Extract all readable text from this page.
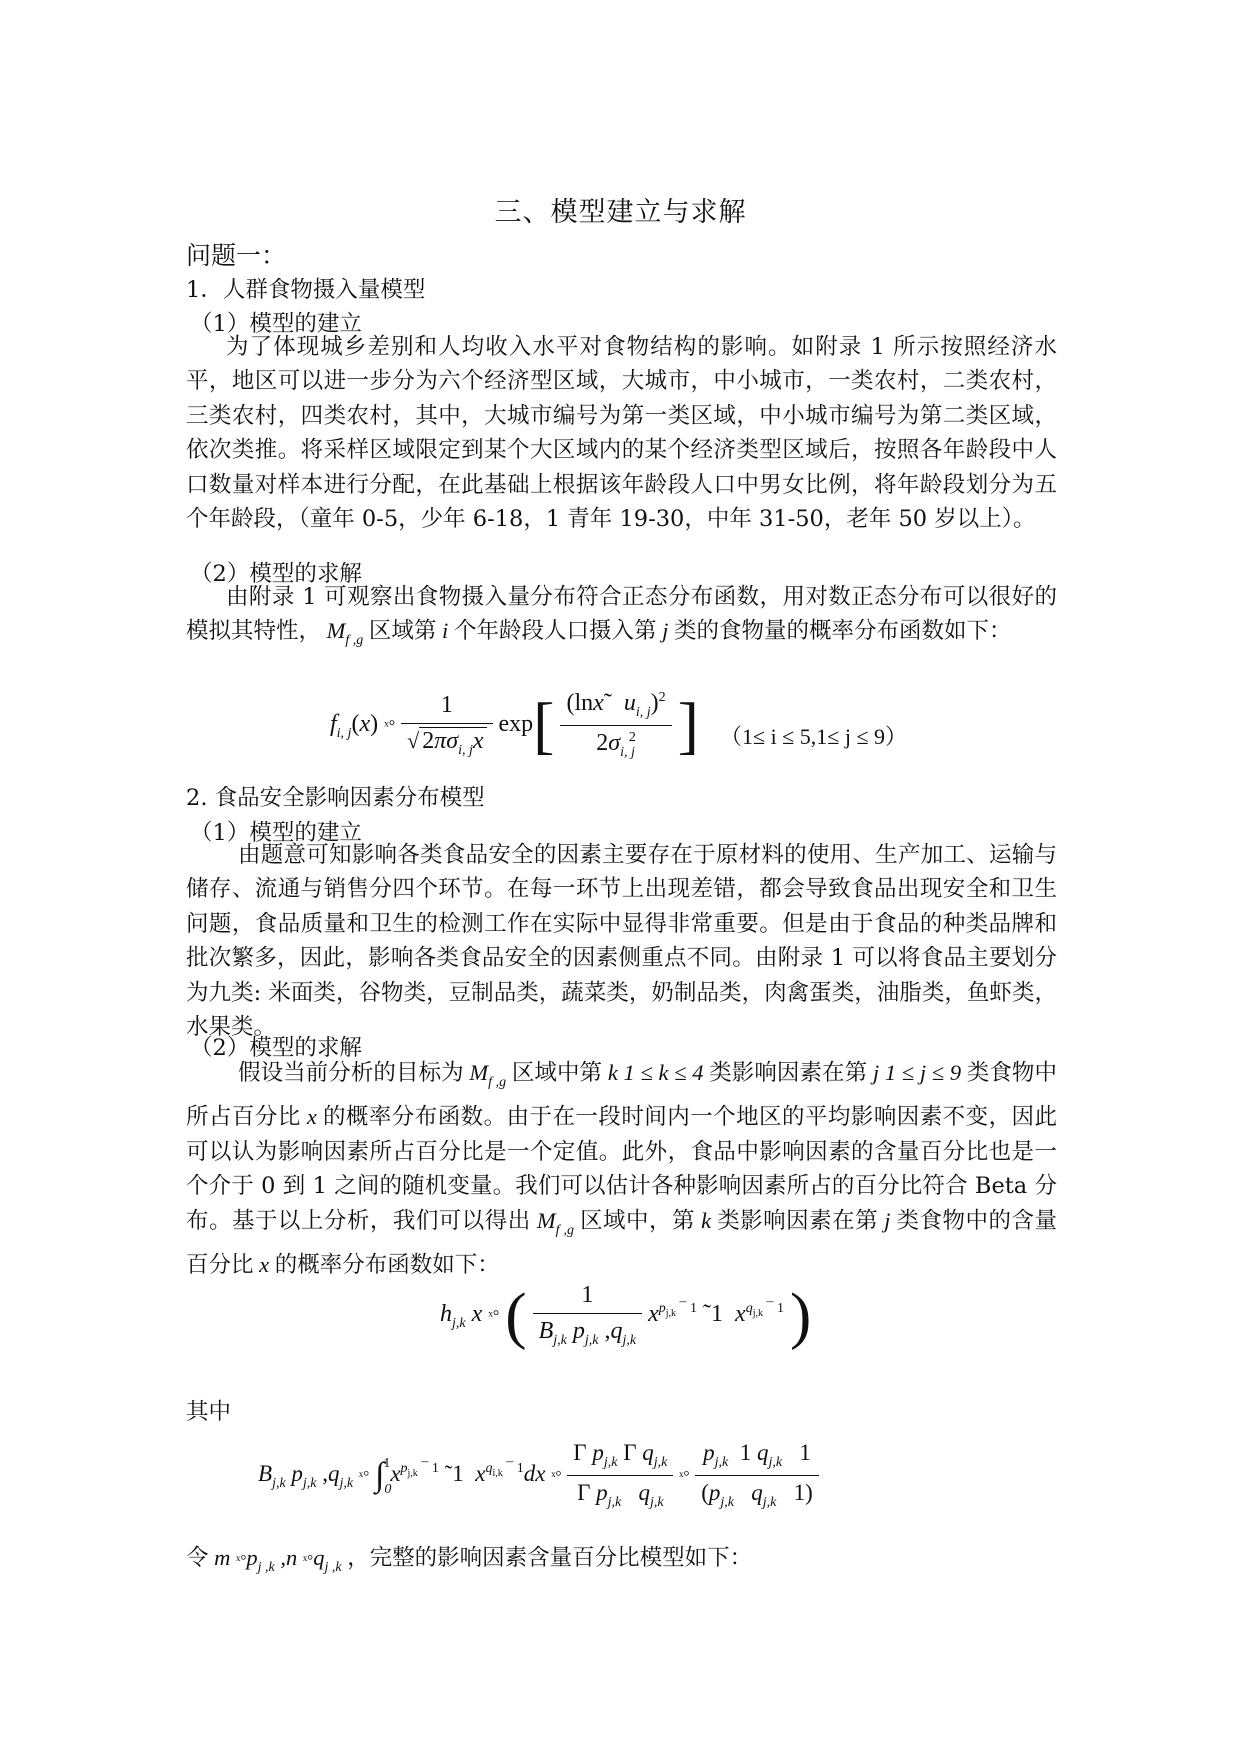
三、模型建立与求解
问题一：
1．人群食物摄入量模型
（1）模型的建立

为了体现城乡差别和人均收入水平对食物结构的影响。如附录 1 所示按照经济水平，地区可以进一步分为六个经济型区域，大城市，中小城市，一类农村，二类农村，三类农村，四类农村，其中，大城市编号为第一类区域，中小城市编号为第二类区域，依次类推。将采样区域限定到某个大区域内的某个经济类型区域后，按照各年龄段中人口数量对样本进行分配，在此基础上根据该年龄段人口中男女比例，将年龄段划分为五个年龄段，（童年 0-5，少年 6-18，1 青年 19-30，中年 31-50，老年 50 岁以上）。

（2）模型的求解

由附录 1 可观察出食物摄入量分布符合正态分布函数，用对数正态分布可以很好的模拟其特性， $M_{f ,g}$ 区域第 i 个年龄段人口摄入第 j 类的食物量的概率分布函数如下：

$f_{i, j}(x)$ ˣ° $\frac{1}{√ 2\pi\sigma_{i, j}x} \exp[ \frac{(\ln x˜ u_{i, j})^2}{2\sigma_{i, j}^2}$ ] （1≤ i ≤ 5,1≤ j ≤ 9）
2. 食品安全影响因素分布模型
（1）模型的建立

由题意可知影响各类食品安全的因素主要存在于原材料的使用、生产加工、运输与储存、流通与销售分四个环节。在每一环节上出现差错，都会导致食品出现安全和卫生问题，食品质量和卫生的检测工作在实际中显得非常重要。但是由于食品的种类品牌和批次繁多，因此，影响各类食品安全的因素侧重点不同。由附录 1 可以将食品主要划分为九类: 米面类，谷物类，豆制品类，蔬菜类，奶制品类，肉禽蛋类，油脂类，鱼虾类，水果类。

（2）模型的求解

假设当前分析的目标为 $M_{f ,g}$ 区域中第 k 1 ≤ k ≤ 4 类影响因素在第 j 1 ≤ j ≤ 9 类食物中所占百分比 x 的概率分布函数。由于在一段时间内一个地区的平均影响因素不变，因此可以认为影响因素所占百分比是一个定值。此外，食品中影响因素的含量百分比也是一个介于 0 到 1 之间的随机变量。我们可以估计各种影响因素所占的百分比符合 Beta 分布。基于以上分析，我们可以得出 $M_{f ,g}$ 区域中，第 k 类影响因素在第 j 类食物中的含量百分比 x 的概率分布函数如下：

$h_{j,k}$ x ˣ° ( $\frac{1}{B_{j,k} p_{j,k} ,q_{j,k}} x^{p_{j,k} ¯ 1}$ ˜1  $x^{q_{j,k} ¯ 1}$ )
其中
$B_{j,k}$ $p_{j,k}$ $,q_{j,k}$ ˣ° $\int_0^1x^{p_{j,k} ¯ 1}$ ˜1  $x^{q_{i,k} ¯ 1}dx$ ˣ° $\frac{\Gamma p_{j,k} \Gamma q_{j,k}}{\Gamma p_{j,k} q_{j,k}}$ ˣ° $\frac{p_{j,k} 1 q_{j,k} 1}{(p_{j,k} q_{j,k} 1)}$
令 m $ˣ^\circ p_{j ,k}$ ,n $ˣ^\circ q_{j ,k}$ ，完整的影响因素含量百分比模型如下：
